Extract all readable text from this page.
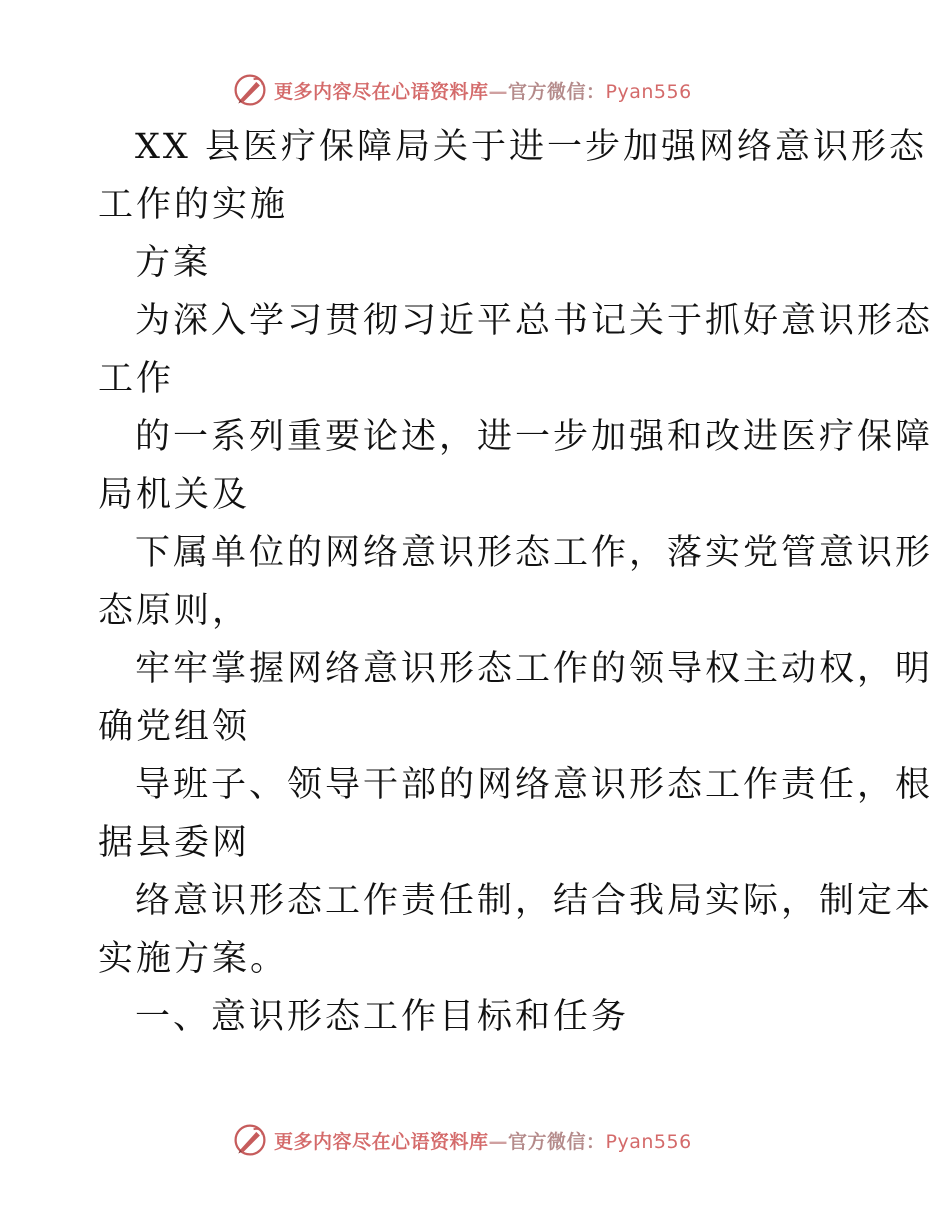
更多内容尽在心语资料库—官方微信：Pyan556
XX 县医疗保障局关于进一步加强网络意识形态
工作的实施
方案
为深入学习贯彻习近平总书记关于抓好意识形态
工作
的一系列重要论述，进一步加强和改进医疗保障
局机关及
下属单位的网络意识形态工作，落实党管意识形
态原则，
牢牢掌握网络意识形态工作的领导权主动权，明
确党组领
导班子、领导干部的网络意识形态工作责任，根
据县委网
络意识形态工作责任制，结合我局实际，制定本
实施方案。
一、意识形态工作目标和任务
更多内容尽在心语资料库—官方微信：Pyan556
